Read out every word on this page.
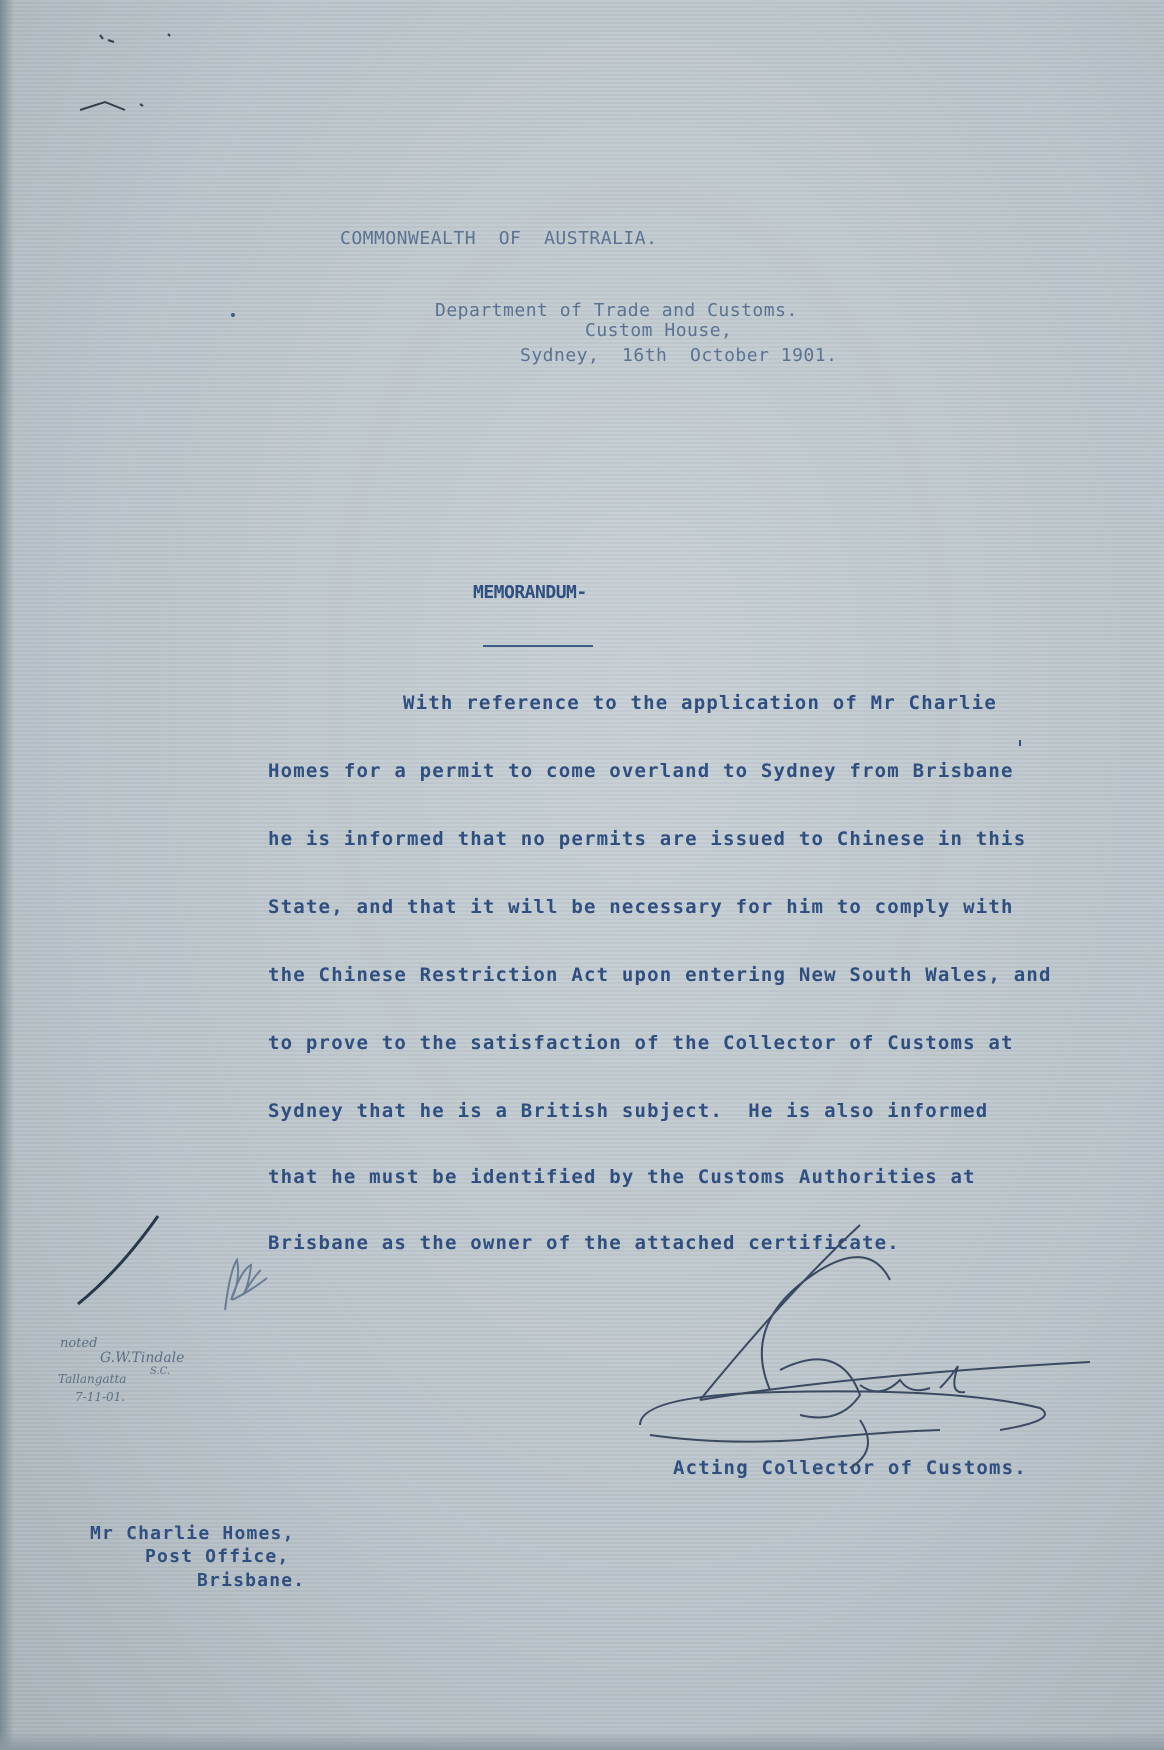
COMMONWEALTH  OF  AUSTRALIA.
Department of Trade and Customs.
Custom House,
Sydney,  16th  October 1901.
MEMORANDUM-
With reference to the application of Mr Charlie
Homes for a permit to come overland to Sydney from Brisbane
he is informed that no permits are issued to Chinese in this
State, and that it will be necessary for him to comply with
the Chinese Restriction Act upon entering New South Wales, and
to prove to the satisfaction of the Collector of Customs at
Sydney that he is a British subject.  He is also informed
that he must be identified by the Customs Authorities at
Brisbane as the owner of the attached certificate.
Acting Collector of Customs.
Mr Charlie Homes,
Post Office,
Brisbane.
noted
G.W.Tindale
S.C.
Tallangatta
7-11-01.
